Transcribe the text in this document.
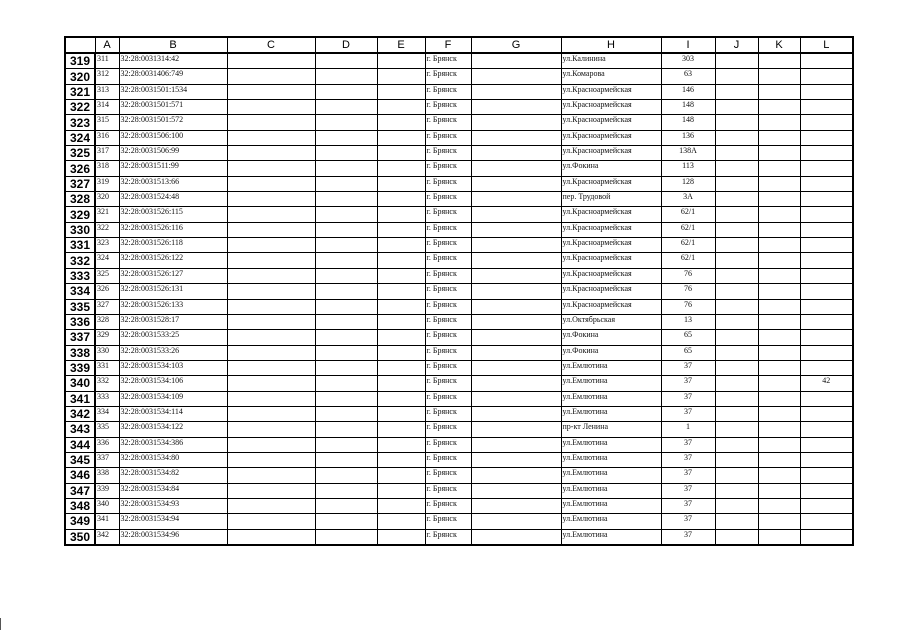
	A	B	C	D	E	F	G	H	I	J	K	L
319	311	32:28:0031314:42				г. Брянск		ул.Калинина	303			
320	312	32:28:0031406:749				г. Брянск		ул.Комарова	63			
321	313	32:28:0031501:1534				г. Брянск		ул.Красноармейская	146			
322	314	32:28:0031501:571				г. Брянск		ул.Красноармейская	148			
323	315	32:28:0031501:572				г. Брянск		ул.Красноармейская	148			
324	316	32:28:0031506:100				г. Брянск		ул.Красноармейская	136			
325	317	32:28:0031506:99				г. Брянск		ул.Красноармейская	138А			
326	318	32:28:0031511:99				г. Брянск		ул.Фокина	113			
327	319	32:28:0031513:66				г. Брянск		ул.Красноармейская	128			
328	320	32:28:0031524:48				г. Брянск		пер. Трудовой	3А			
329	321	32:28:0031526:115				г. Брянск		ул.Красноармейская	62/1			
330	322	32:28:0031526:116				г. Брянск		ул.Красноармейская	62/1			
331	323	32:28:0031526:118				г. Брянск		ул.Красноармейская	62/1			
332	324	32:28:0031526:122				г. Брянск		ул.Красноармейская	62/1			
333	325	32:28:0031526:127				г. Брянск		ул.Красноармейская	76			
334	326	32:28:0031526:131				г. Брянск		ул.Красноармейская	76			
335	327	32:28:0031526:133				г. Брянск		ул.Красноармейская	76			
336	328	32:28:0031528:17				г. Брянск		ул.Октябрьская	13			
337	329	32:28:0031533:25				г. Брянск		ул.Фокина	65			
338	330	32:28:0031533:26				г. Брянск		ул.Фокина	65			
339	331	32:28:0031534:103				г. Брянск		ул.Емлютина	37			
340	332	32:28:0031534:106				г. Брянск		ул.Емлютина	37			42
341	333	32:28:0031534:109				г. Брянск		ул.Емлютина	37			
342	334	32:28:0031534:114				г. Брянск		ул.Емлютина	37			
343	335	32:28:0031534:122				г. Брянск		пр-кт Ленина	1			
344	336	32:28:0031534:386				г. Брянск		ул.Емлютина	37			
345	337	32:28:0031534:80				г. Брянск		ул.Емлютина	37			
346	338	32:28:0031534:82				г. Брянск		ул.Емлютина	37			
347	339	32:28:0031534:84				г. Брянск		ул.Емлютина	37			
348	340	32:28:0031534:93				г. Брянск		ул.Емлютина	37			
349	341	32:28:0031534:94				г. Брянск		ул.Емлютина	37			
350	342	32:28:0031534:96				г. Брянск		ул.Емлютина	37			
